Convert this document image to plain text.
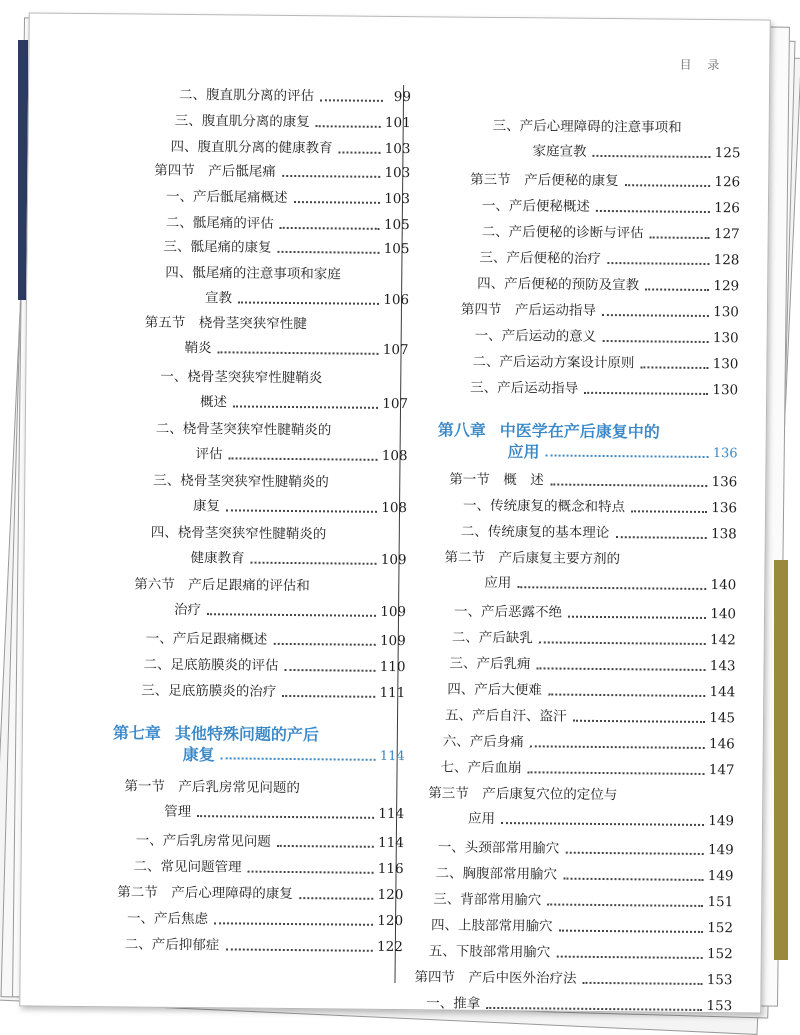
目 录
二、腹直肌分离的评估	99
三、腹直肌分离的康复	101
四、腹直肌分离的健康教育	103
第四节　产后骶尾痛	103
一、产后骶尾痛概述	103
二、骶尾痛的评估	105
三、骶尾痛的康复	105
四、骶尾痛的注意事项和家庭
宣教	106
第五节　桡骨茎突狭窄性腱
鞘炎	107
一、桡骨茎突狭窄性腱鞘炎
概述	107
二、桡骨茎突狭窄性腱鞘炎的
评估	108
三、桡骨茎突狭窄性腱鞘炎的
康复	108
四、桡骨茎突狭窄性腱鞘炎的
健康教育	109
第六节　产后足跟痛的评估和
治疗	109
一、产后足跟痛概述	109
二、足底筋膜炎的评估	110
三、足底筋膜炎的治疗	111
第七章 其他特殊问题的产后
康复	114
第一节　产后乳房常见问题的
管理	114
一、产后乳房常见问题	114
二、常见问题管理	116
第二节　产后心理障碍的康复	120
一、产后焦虑	120
二、产后抑郁症	122
三、产后心理障碍的注意事项和
家庭宣教	125
第三节　产后便秘的康复	126
一、产后便秘概述	126
二、产后便秘的诊断与评估	127
三、产后便秘的治疗	128
四、产后便秘的预防及宣教	129
第四节　产后运动指导	130
一、产后运动的意义	130
二、产后运动方案设计原则	130
三、产后运动指导	130
第八章 中医学在产后康复中的
应用	136
第一节　概　述	136
一、传统康复的概念和特点	136
二、传统康复的基本理论	138
第二节　产后康复主要方剂的
应用	140
一、产后恶露不绝	140
二、产后缺乳	142
三、产后乳痈	143
四、产后大便难	144
五、产后自汗、盗汗	145
六、产后身痛	146
七、产后血崩	147
第三节　产后康复穴位的定位与
应用	149
一、头颈部常用腧穴	149
二、胸腹部常用腧穴	149
三、背部常用腧穴	151
四、上肢部常用腧穴	152
五、下肢部常用腧穴	152
第四节　产后中医外治疗法	153
一、推拿	153
